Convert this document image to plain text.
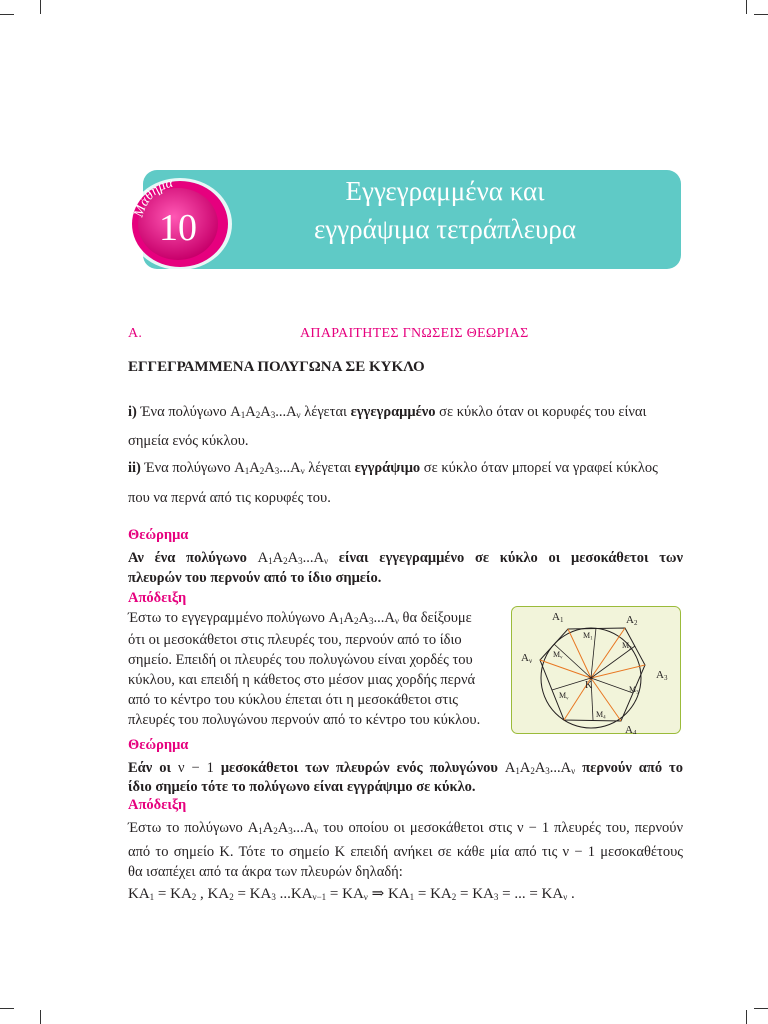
Μάθημα
10
Εγγεγραμμένα και
εγγράψιμα τετράπλευρα
Α.	ΑΠΑΡΑΙΤΗΤΕΣ ΓΝΩΣΕΙΣ ΘΕΩΡΙΑΣ
ΕΓΓΕΓΡΑΜΜΕΝΑ ΠΟΛΥΓΩΝΑ ΣΕ ΚΥΚΛΟ
i) Ένα πολύγωνο $A_1A_2A_3...A_\nu$ λέγεται εγγεγραμμένο σε κύκλο όταν οι κορυφές του είναι
σημεία ενός κύκλου.
ii) Ένα πολύγωνο $A_1A_2A_3...A_\nu$ λέγεται εγγράψιμο σε κύκλο όταν μπορεί να γραφεί κύκλος
που να περνά από τις κορυφές του.
Θεώρημα
Αν ένα πολύγωνο $A_1A_2A_3...A_\nu$ είναι εγγεγραμμένο σε κύκλο οι μεσοκάθετοι των
πλευρών του περνούν από το ίδιο σημείο.
Απόδειξη
Έστω το εγγεγραμμένο πολύγωνο $A_1A_2A_3...A_\nu$ θα δείξουμε
ότι οι μεσοκάθετοι στις πλευρές του, περνούν από το ίδιο
σημείο. Επειδή οι πλευρές του πολυγώνου είναι χορδές του
κύκλου, και επειδή η κάθετος στο μέσον μιας χορδής περνά
από το κέντρο του κύκλου έπεται ότι η μεσοκάθετοι στις
πλευρές του πολυγώνου περνούν από το κέντρο του κύκλου.
A1	A2
A3
A4
Aν
K
M1
M2
M3
M4
Mν
Mν
Θεώρημα
Εάν οι ν − 1 μεσοκάθετοι των πλευρών ενός πολυγώνου $A_1A_2A_3...A_\nu$ περνούν από το
ίδιο σημείο τότε το πολύγωνο είναι εγγράψιμο σε κύκλο.
Απόδειξη
Έστω το πολύγωνο $A_1A_2A_3...A_\nu$ του οποίου οι μεσοκάθετοι στις ν − 1 πλευρές του, περνούν
από το σημείο Κ. Τότε το σημείο Κ επειδή ανήκει σε κάθε μία από τις ν − 1 μεσοκαθέτους
θα ισαπέχει από τα άκρα των πλευρών δηλαδή:
$KA_1 = KA_2$ , $KA_2 = KA_3$ $...KA_{\nu-1} = KA_\nu$ ⇒ $KA_1 = KA_2 = KA_3$ = ... = $KA_\nu$ .
